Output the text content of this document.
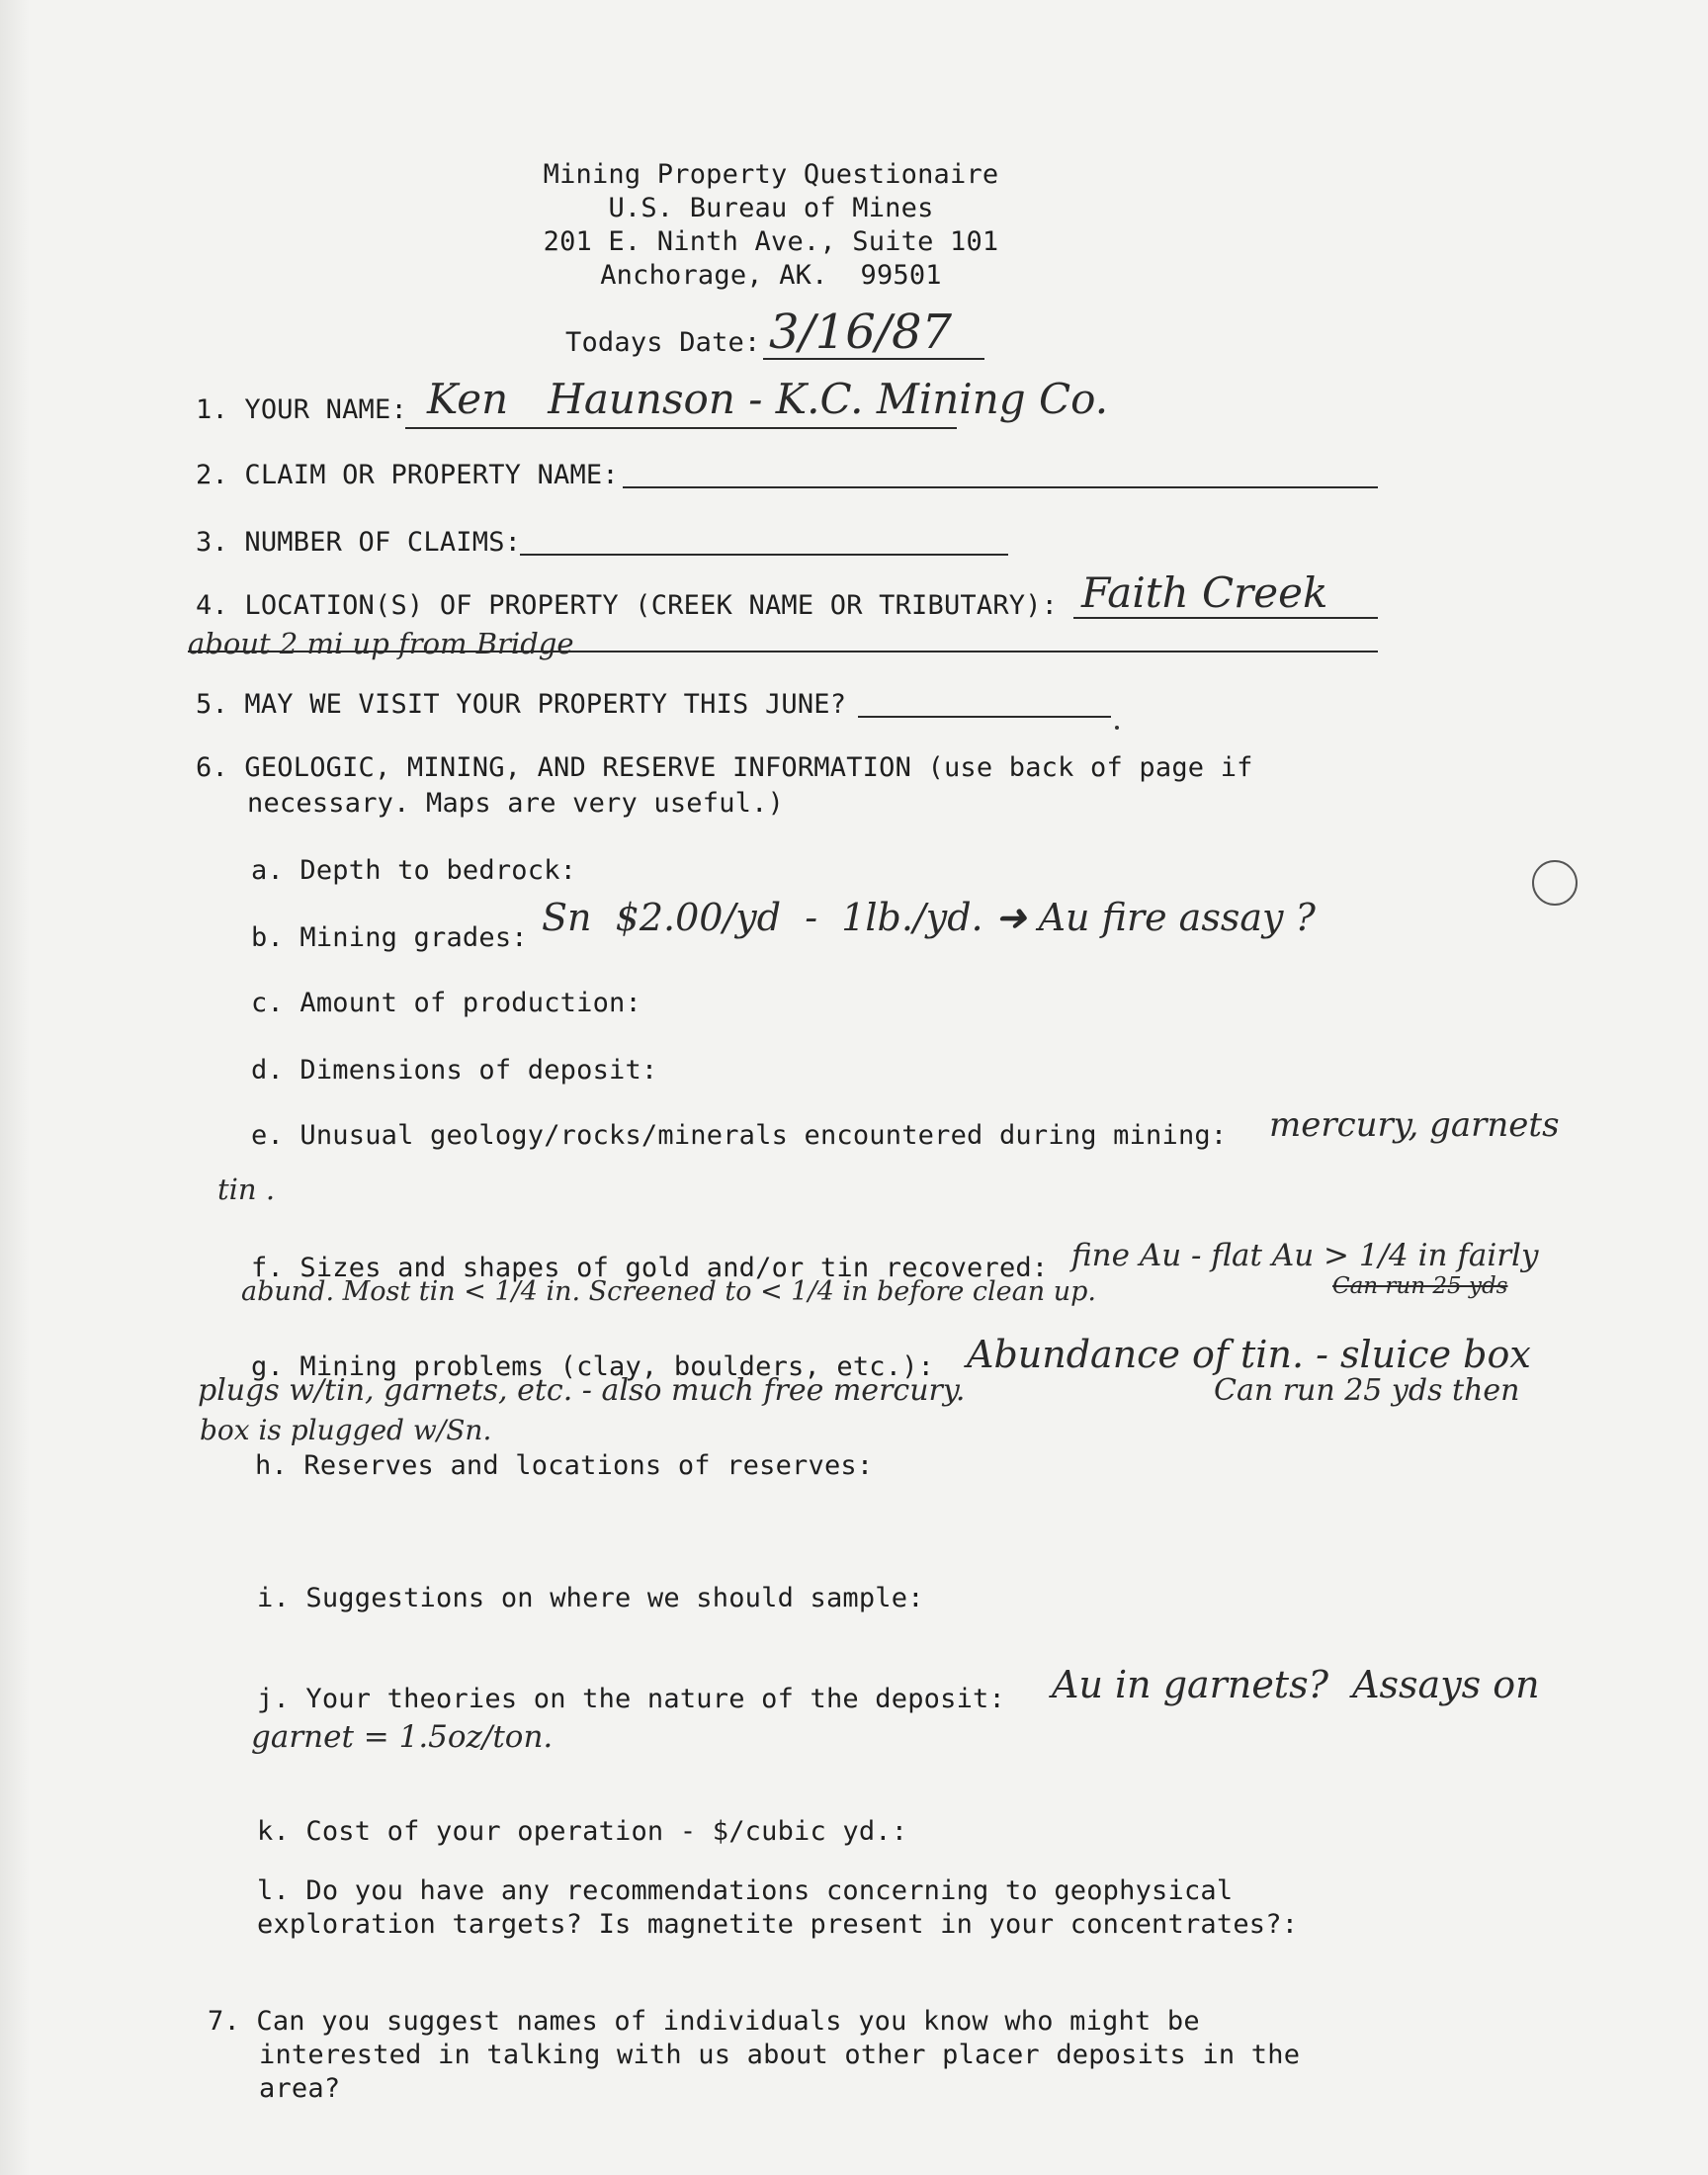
Mining Property Questionaire
U.S. Bureau of Mines
201 E. Ninth Ave., Suite 101
Anchorage, AK.  99501
Todays Date: 3/16/87
1. YOUR NAME: Ken   Haunson - K.C. Mining Co.
2. CLAIM OR PROPERTY NAME:
3. NUMBER OF CLAIMS:
4. LOCATION(S) OF PROPERTY (CREEK NAME OR TRIBUTARY): Faith Creek
about 2 mi up from Bridge
5. MAY WE VISIT YOUR PROPERTY THIS JUNE?
6. GEOLOGIC, MINING, AND RESERVE INFORMATION (use back of page if
necessary. Maps are very useful.)
a. Depth to bedrock:
b. Mining grades: Sn  $2.00/yd  -  1lb./yd. ➜ Au fire assay ?
c. Amount of production:
d. Dimensions of deposit:
e. Unusual geology/rocks/minerals encountered during mining: mercury, garnets
tin .
f. Sizes and shapes of gold and/or tin recovered: fine Au - flat Au > 1/4 in fairly
abund. Most tin < 1/4 in. Screened to < 1/4 in before clean up.	Can run 25 yds
g. Mining problems (clay, boulders, etc.): Abundance of tin. - sluice box
plugs w/tin, garnets, etc. - also much free mercury.	Can run 25 yds then
box is plugged w/Sn.
h. Reserves and locations of reserves:
i. Suggestions on where we should sample:
j. Your theories on the nature of the deposit: Au in garnets?  Assays on
garnet = 1.5oz/ton.
k. Cost of your operation - $/cubic yd.:
l. Do you have any recommendations concerning to geophysical
exploration targets? Is magnetite present in your concentrates?:
7. Can you suggest names of individuals you know who might be
interested in talking with us about other placer deposits in the
area?
